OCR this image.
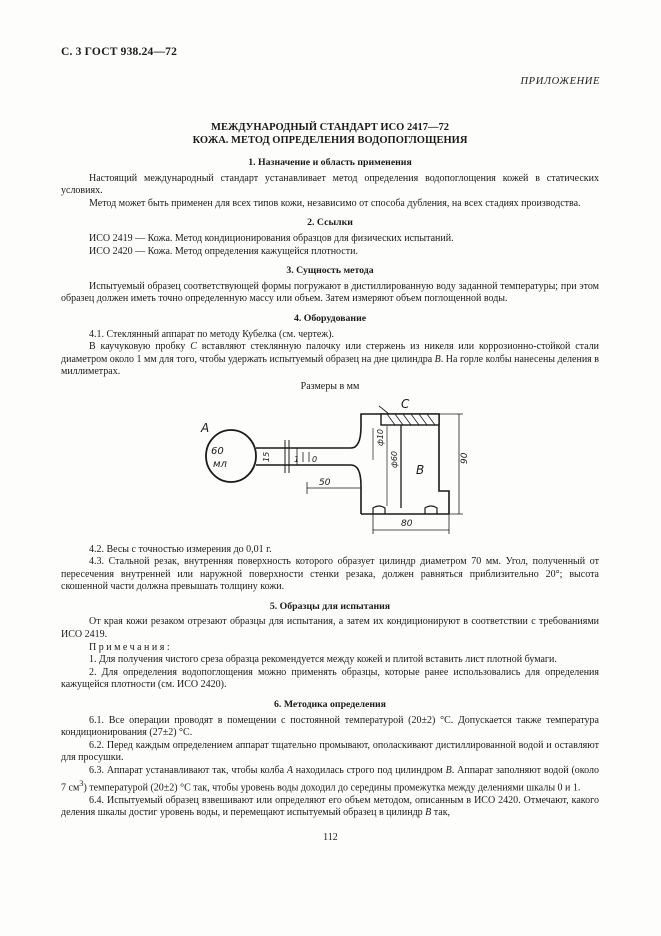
С. 3 ГОСТ 938.24—72
ПРИЛОЖЕНИЕ
МЕЖДУНАРОДНЫЙ СТАНДАРТ ИСО 2417—72
КОЖА. МЕТОД ОПРЕДЕЛЕНИЯ ВОДОПОГЛОЩЕНИЯ
1. Назначение и область применения

Настоящий международный стандарт устанавливает метод определения водопоглощения кожей в статических условиях.

Метод может быть применен для всех типов кожи, независимо от способа дубления, на всех стадиях производства.

2. Ссылки

ИСО 2419 — Кожа. Метод кондиционирования образцов для физических испытаний.

ИСО 2420 — Кожа. Метод определения кажущейся плотности.

3. Сущность метода

Испытуемый образец соответствующей формы погружают в дистиллированную воду заданной температуры; при этом образец должен иметь точно определенную массу или объем. Затем измеряют объем поглощенной воды.

4. Оборудование

4.1. Стеклянный аппарат по методу Кубелка (см. чертеж).

В каучуковую пробку C вставляют стеклянную палочку или стержень из никеля или коррозионно-стойкой стали диаметром около 1 мм для того, чтобы удержать испытуемый образец на дне цилиндра B. На горле колбы нанесены деления в миллиметрах.

Размеры в мм
A
60
мл
15	1 0
C
B
ф10
ф60
50
80
90

4.2. Весы с точностью измерения до 0,01 г.

4.3. Стальной резак, внутренняя поверхность которого образует цилиндр диаметром 70 мм. Угол, полученный от пересечения внутренней или наружной поверхности стенки резака, должен равняться приблизительно 20°; высота скошенной части должна превышать толщину кожи.

5. Образцы для испытания

От края кожи резаком отрезают образцы для испытания, а затем их кондиционируют в соответствии с требованиями ИСО 2419.

Примечания:

1. Для получения чистого среза образца рекомендуется между кожей и плитой вставить лист плотной бумаги.

2. Для определения водопоглощения можно применять образцы, которые ранее использовались для определения кажущейся плотности (см. ИСО 2420).

6. Методика определения

6.1. Все операции проводят в помещении с постоянной температурой (20±2) °С. Допускается также температура кондиционирования (27±2) °С.

6.2. Перед каждым определением аппарат тщательно промывают, ополаскивают дистиллированной водой и оставляют для просушки.

6.3. Аппарат устанавливают так, чтобы колба A находилась строго под цилиндром B. Аппарат заполняют водой (около 7 $см^3$) температурой (20±2) °С так, чтобы уровень воды доходил до середины промежутка между делениями шкалы 0 и 1.

6.4. Испытуемый образец взвешивают или определяют его объем методом, описанным в ИСО 2420. Отмечают, какого деления шкалы достиг уровень воды, и перемещают испытуемый образец в цилиндр B так,

112
